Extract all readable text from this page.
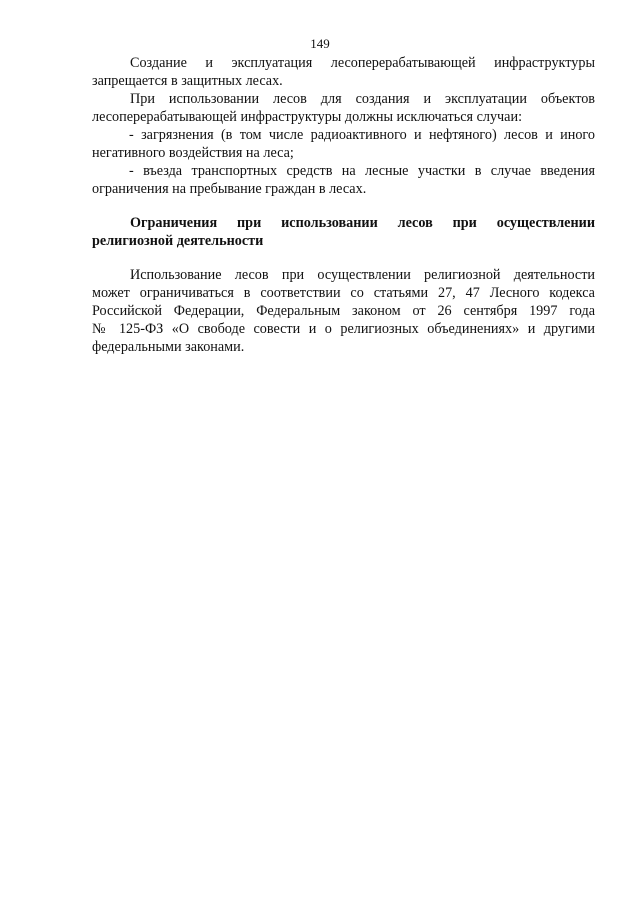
149
Создание и эксплуатация лесоперерабатывающей инфраструктуры
запрещается в защитных лесах.
При использовании лесов для создания и эксплуатации объектов
лесоперерабатывающей инфраструктуры должны исключаться случаи:
- загрязнения (в том числе радиоактивного и нефтяного) лесов и иного
негативного воздействия на леса;
- въезда транспортных средств на лесные участки в случае введения
ограничения на пребывание граждан в лесах.
Ограничения при использовании лесов при осуществлении
религиозной деятельности
Использование лесов при осуществлении религиозной деятельности
может ограничиваться в соответствии со статьями 27, 47 Лесного кодекса
Российской Федерации, Федеральным законом от 26 сентября 1997 года
№ 125-ФЗ «О свободе совести и о религиозных объединениях» и другими
федеральными законами.
